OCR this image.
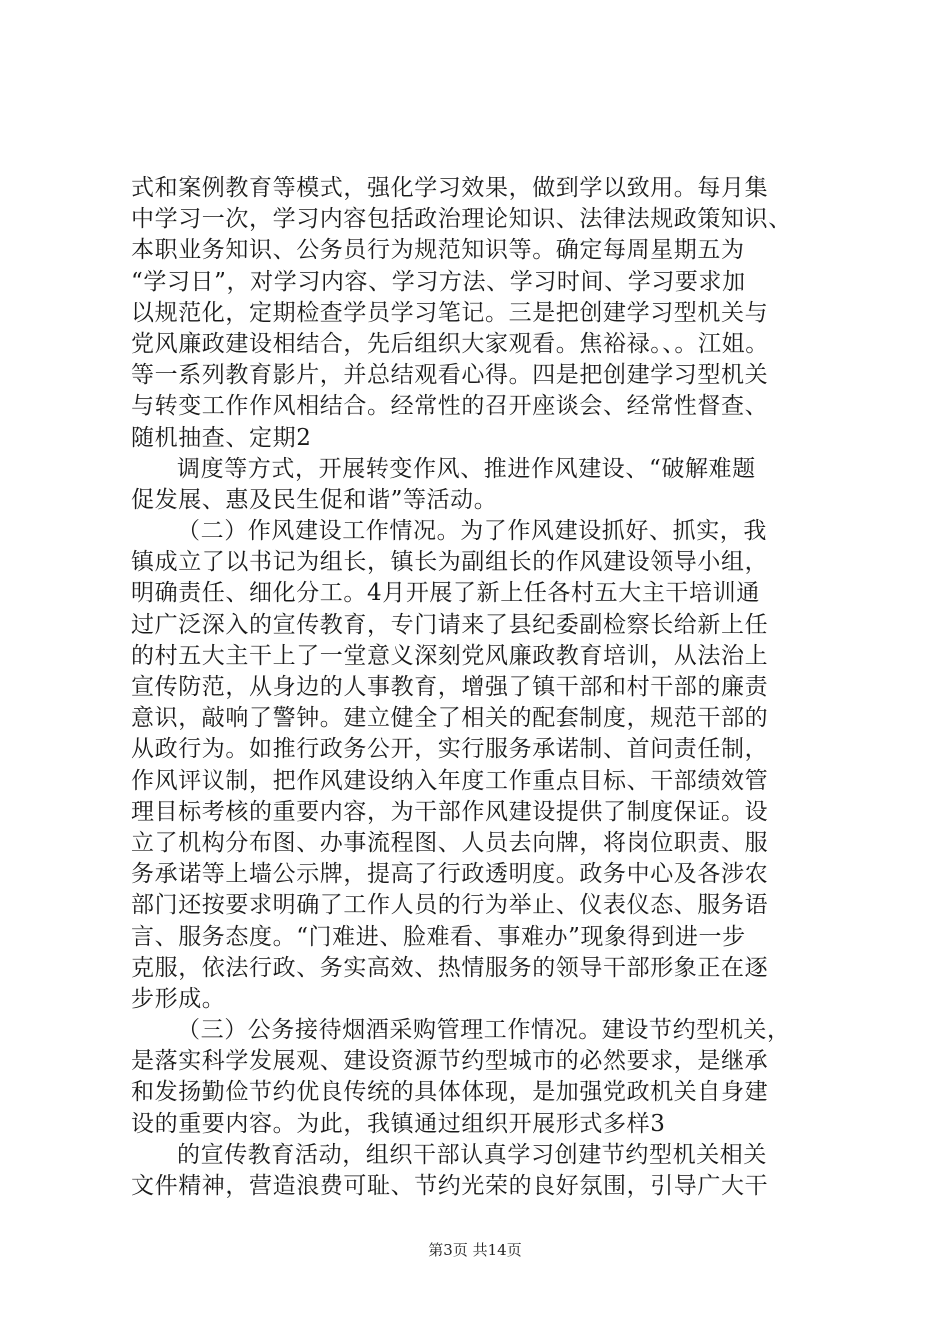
式和案例教育等模式，强化学习效果，做到学以致用。每月集
中学习一次，学习内容包括政治理论知识、法律法规政策知识、
本职业务知识、公务员行为规范知识等。确定每周星期五为
“学习日”，对学习内容、学习方法、学习时间、学习要求加
以规范化，定期检查学员学习笔记。三是把创建学习型机关与
党风廉政建设相结合，先后组织大家观看。焦裕禄。、。江姐。
等一系列教育影片，并总结观看心得。四是把创建学习型机关
与转变工作作风相结合。经常性的召开座谈会、经常性督查、
随机抽查、定期2
调度等方式，开展转变作风、推进作风建设、“破解难题
促发展、惠及民生促和谐”等活动。
（二）作风建设工作情况。为了作风建设抓好、抓实，我
镇成立了以书记为组长，镇长为副组长的作风建设领导小组，
明确责任、细化分工。4月开展了新上任各村五大主干培训通
过广泛深入的宣传教育，专门请来了县纪委副检察长给新上任
的村五大主干上了一堂意义深刻党风廉政教育培训，从法治上
宣传防范，从身边的人事教育，增强了镇干部和村干部的廉责
意识，敲响了警钟。建立健全了相关的配套制度，规范干部的
从政行为。如推行政务公开，实行服务承诺制、首问责任制，
作风评议制，把作风建设纳入年度工作重点目标、干部绩效管
理目标考核的重要内容，为干部作风建设提供了制度保证。设
立了机构分布图、办事流程图、人员去向牌，将岗位职责、服
务承诺等上墙公示牌，提高了行政透明度。政务中心及各涉农
部门还按要求明确了工作人员的行为举止、仪表仪态、服务语
言、服务态度。“门难进、脸难看、事难办”现象得到进一步
克服，依法行政、务实高效、热情服务的领导干部形象正在逐
步形成。
（三）公务接待烟酒采购管理工作情况。建设节约型机关，
是落实科学发展观、建设资源节约型城市的必然要求，是继承
和发扬勤俭节约优良传统的具体体现，是加强党政机关自身建
设的重要内容。为此，我镇通过组织开展形式多样3
的宣传教育活动，组织干部认真学习创建节约型机关相关
文件精神，营造浪费可耻、节约光荣的良好氛围，引导广大干
第3页 共14页
